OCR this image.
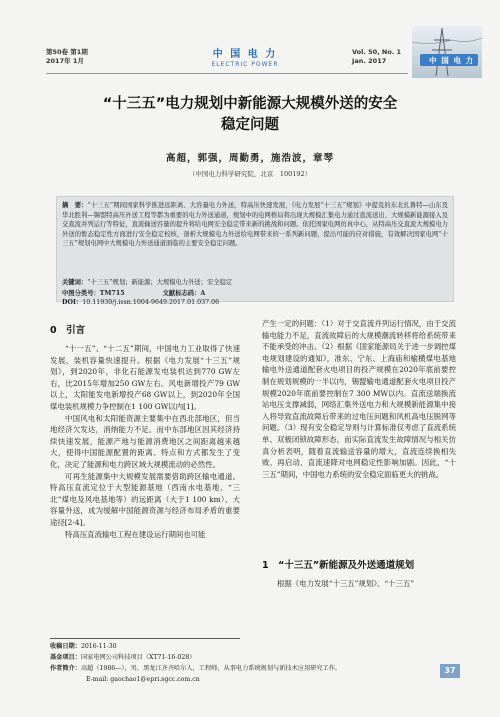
第50卷 第1期
2017年 1月
中 国 电 力
ELECTRIC POWER
Vol. 50, No. 1
Jan. 2017	中 国 电 力
“十三五”电力规划中新能源大规模外送的安全
稳定问题
高超，郭强，周勤勇，施浩波，章琴
（中国电力科学研究院，北京　100192）
摘　要：“十三五”期间国家科学推进远距离、大容量电力外送，特高压快速发展，《电力发展“十三五”规划》中提及的东北扎鲁特—山东及华北胜利—锡盟特高压外送工程等都为重要的电力外送通道，规划中的电网格局将出现大规模汇集电力通过直流送出、大规模新能源接入及交直流并列运行等特征，直流输送容量的提升将给电网安全稳定带来新的挑战和问题。依托国家电网仿真中心，从特高压交直流大规模电力外送的暂态稳定性方面进行安全稳定校核，剖析大规模电力外送给电网带来的一系列新问题，提出可能的应对措施，有效解决国家电网“十三五”规划电网中大规模电力外送通道面临的主要安全稳定问题。
关键词：“十三五”规划；新能源；大规模电力外送；安全稳定
中图分类号：TM715	文献标志码：A DOI：10.11930/j.issn.1004-9649.2017.01.037.06
0　引言

“十一五”、“十二五”期间，中国电力工业取得了快速发展，装机容量快速提升。根据《电力发展“十三五”规划》，到2020年，非化石能源发电装机达到770 GW左右，比2015年增加250 GW左右。风电新增投产79 GW以上，太阳能发电新增投产68 GW以上，到2020年全国煤电装机规模力争控制在1 100 GW以内[1]。

中国风电和太阳能资源主要集中在西北部地区，但当地经济欠发达，消纳能力不足。而中东部地区因其经济持续快速发展，能源产地与能源消费地区之间距离越来越大，使得中国能源配置的距离、特点和方式都发生了变化，决定了能源和电力跨区域大规模流动的必然性。

可再生能源集中大规模发展需要借助跨区输电通道。特高压直流定位于大型能源基地（西南水电基地、“三北”煤电及风电基地等）的远距离（大于1 100 km）、大容量外送，成为缓解中国能源资源与经济布局矛盾的重要途径[2-4]。

特高压直流输电工程在建设运行期间也可能

产生一定的问题：（1）对于交直流并列运行情况，由于交流输电能力不足，直流故障后的大规模潮流转移将给系统带来不能承受的冲击。（2）根据《国家能源局关于进一步调控煤电规划建设的通知》，准东、宁东、上海庙和榆横煤电基地输电外送通道配套火电项目的投产规模在2020年底前要控制在规划规模的一半以内，锡盟输电通道配套火电项目投产规模2020年底前要控制在7 300 MW以内。直流送端换流站电压支撑减弱，网络汇集外送电力和大规模新能源集中接入将导致直流故障后带来的过电压问题和风机高电压脱网等问题。（3）现有安全稳定导则与计算标准仅考虑了直流系统单、双极闭锁故障形态，而实际直流发生故障情况与相关仿真分析表明，随着直流输送容量的增大，直流连续换相失败、再启动、直流速降对电网稳定性影响加剧。因此，“十三五”期间，中国电力系统的安全稳定面临更大的挑战。

1　“十三五”新能源及外送通道规划

根据《电力发展“十三五”规划》、“十三五”

收稿日期：2016-11-30
基金项目：国家电网公司科技项目（XT71-16-028）
作者简介：高超（1986—），男，黑龙江齐齐哈尔人，工程师，从事电力系统规划与新技术应用研究工作。
E-mail: gaochao1@epri.sgcc.com.cn
37
